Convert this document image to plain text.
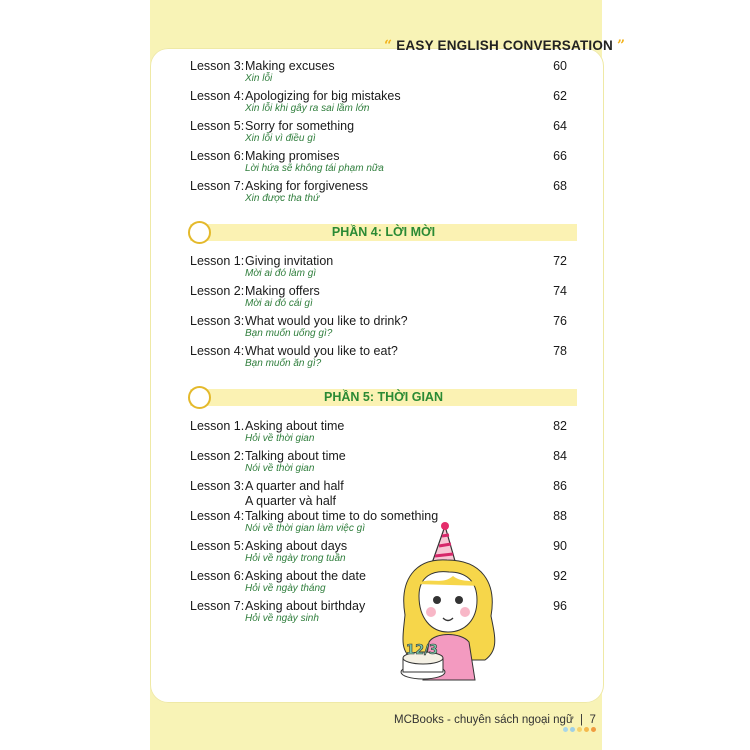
“ EASY ENGLISH CONVERSATION ”
Lesson 3: Making excuses
Xin lỗi
60
Lesson 4: Apologizing for big mistakes
Xin lỗi khi gây ra sai lầm lớn
62
Lesson 5: Sorry for something
Xin lỗi vì điều gì
64
Lesson 6: Making promises
Lời hứa sẽ không tái phạm nữa
66
Lesson 7: Asking for forgiveness
Xin được tha thứ
68
PHẦN 4: LỜI MỜI
Lesson 1: Giving invitation
Mời ai đó làm gì
72
Lesson 2: Making offers
Mời ai đó cái gì
74
Lesson 3: What would you like to drink?
Bạn muốn uống gì?
76
Lesson 4: What would you like to eat?
Bạn muốn ăn gì?
78
PHẦN 5: THỜI GIAN
Lesson 1. Asking about time
Hỏi về thời gian
82
Lesson 2: Talking about time
Nói về thời gian
84
Lesson 3: A quarter and half
A quarter và half
86
Lesson 4: Talking about time to do something
Nói về thời gian làm việc gì
88
Lesson 5: Asking about days
Hỏi về ngày trong tuần
90
Lesson 6: Asking about the date
Hỏi về ngày tháng
92
Lesson 7: Asking about birthday
Hỏi về ngày sinh
96
12/3
MCBooks - chuyên sách ngoại ngữ | 7
